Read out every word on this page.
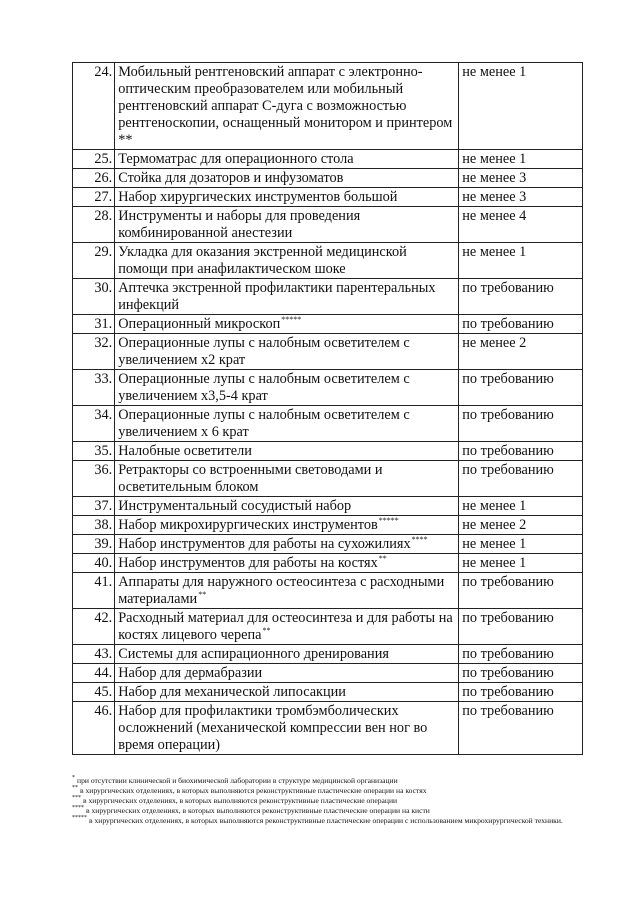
24.	Мобильный рентгеновский аппарат с электронно-оптическим преобразователем или мобильный рентгеновский аппарат С-дуга с возможностью рентгеноскопии, оснащенный монитором и принтером **	не менее 1
25.	Термоматрас для операционного стола	не менее 1
26.	Стойка для дозаторов и инфузоматов	не менее 3
27.	Набор хирургических инструментов большой	не менее 3
28.	Инструменты и наборы для проведения комбинированной анестезии	не менее 4
29.	Укладка для оказания экстренной медицинской помощи при анафилактическом шоке	не менее 1
30.	Аптечка экстренной профилактики парентеральных инфекций	по требованию
31.	Операционный микроскоп*****	по требованию
32.	Операционные лупы с налобным осветителем с увеличением х2 крат	не менее 2
33.	Операционные лупы с налобным осветителем с увеличением х3,5-4 крат	по требованию
34.	Операционные лупы с налобным осветителем с увеличением х 6 крат	по требованию
35.	Налобные осветители	по требованию
36.	Ретракторы со встроенными световодами и осветительным блоком	по требованию
37.	Инструментальный сосудистый набор	не менее 1
38.	Набор микрохирургических инструментов*****	не менее 2
39.	Набор инструментов для работы на сухожилиях****	не менее 1
40.	Набор инструментов для работы на костях**	не менее 1
41.	Аппараты для наружного остеосинтеза с расходными материалами**	по требованию
42.	Расходный материал для остеосинтеза и для работы на костях лицевого черепа**	по требованию
43.	Системы для аспирационного дренирования	по требованию
44.	Набор для дермабразии	по требованию
45.	Набор для механической липосакции	по требованию
46.	Набор для профилактики тромбэмболических осложнений (механической компрессии вен ног во время операции)	по требованию
* при отсутствии клинической и биохимической лаборатории в структуре медицинской организации
** в хирургических отделениях, в которых выполняются реконструктивные пластические операции на костях
*** в хирургических отделениях, в которых выполняются реконструктивные пластические операции
**** в хирургических отделениях, в которых выполняются реконструктивные пластические операции на кисти
***** в хирургических отделениях, в которых выполняются реконструктивные пластические операции с использованием микрохирургической техники.
